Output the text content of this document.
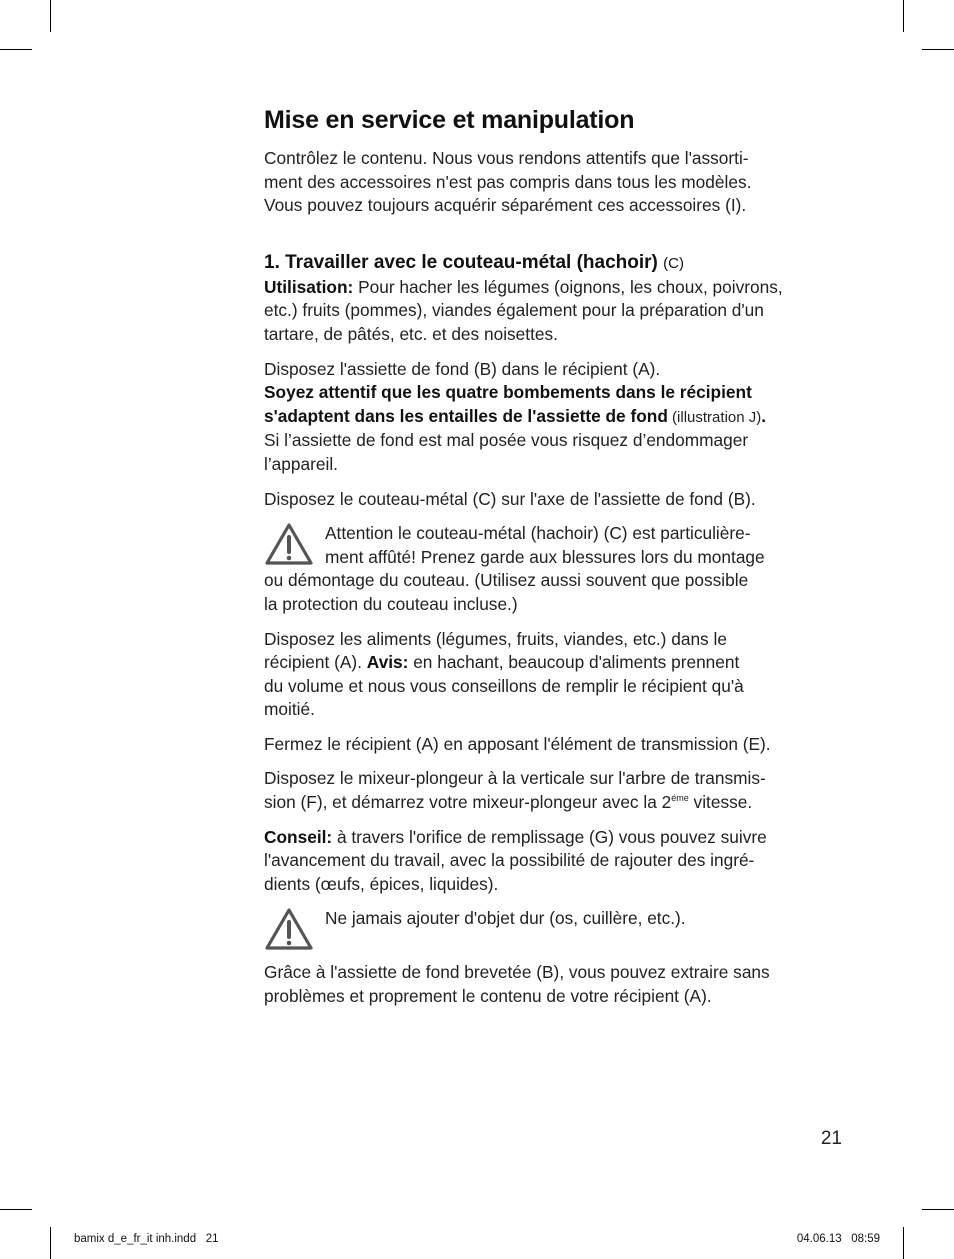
Mise en service et manipulation

Contrôlez le contenu. Nous vous rendons attentifs que l'assorti-
ment des accessoires n'est pas compris dans tous les modèles.
Vous pouvez toujours acquérir séparément ces accessoires (I).

1. Travailler avec le couteau-métal (hachoir) (C)

Utilisation: Pour hacher les légumes (oignons, les choux, poivrons,
etc.) fruits (pommes), viandes également pour la préparation d'un
tartare, de pâtés, etc. et des noisettes.

Disposez l'assiette de fond (B) dans le récipient (A).
Soyez attentif que les quatre bombements dans le récipient
s'adaptent dans les entailles de l'assiette de fond (illustration J).
Si l’assiette de fond est mal posée vous risquez d’endommager
l’appareil.

Disposez le couteau-métal (C) sur l'axe de l'assiette de fond (B).

Attention le couteau-métal (hachoir) (C) est particulière-
ment affûté! Prenez garde aux blessures lors du montage
ou démontage du couteau. (Utilisez aussi souvent que possible
la protection du couteau incluse.)

Disposez les aliments (légumes, fruits, viandes, etc.) dans le
récipient (A). Avis: en hachant, beaucoup d'aliments prennent
du volume et nous vous conseillons de remplir le récipient qu'à
moitié.

Fermez le récipient (A) en apposant l'élément de transmission (E).

Disposez le mixeur-plongeur à la verticale sur l'arbre de transmis-
sion (F), et démarrez votre mixeur-plongeur avec la $2^{éme}$ vitesse.

Conseil: à travers l'orifice de remplissage (G) vous pouvez suivre
l'avancement du travail, avec la possibilité de rajouter des ingré-
dients (œufs, épices, liquides).

Ne jamais ajouter d'objet dur (os, cuillère, etc.).

Grâce à l'assiette de fond brevetée (B), vous pouvez extraire sans
problèmes et proprement le contenu de votre récipient (A).

21
bamix d_e_fr_it inh.indd   21	04.06.13   08:59
